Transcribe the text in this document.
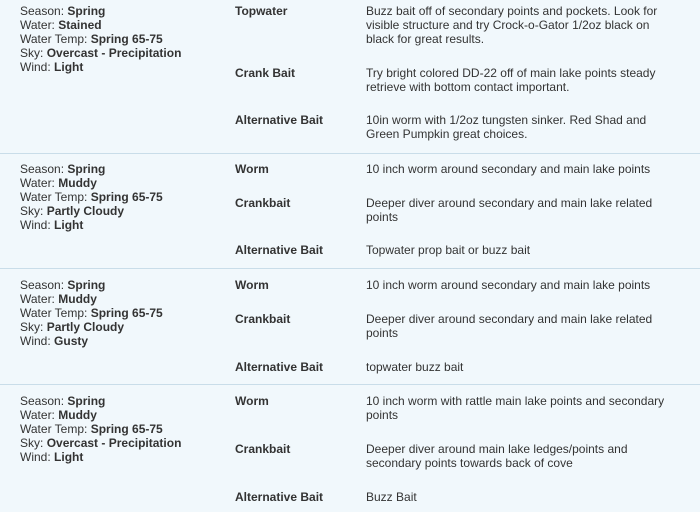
Season: Spring
Water: Stained
Water Temp: Spring 65-75
Sky: Overcast - Precipitation
Wind: Light
Topwater	Buzz bait off of secondary points and pockets. Look for visible structure and try Crock-o-Gator 1/2oz black on black for great results.
Crank Bait	Try bright colored DD-22 off of main lake points steady retrieve with bottom contact important.
Alternative Bait	10in worm with 1/2oz tungsten sinker. Red Shad and Green Pumpkin great choices.
Season: Spring
Water: Muddy
Water Temp: Spring 65-75
Sky: Partly Cloudy
Wind: Light
Worm	10 inch worm around secondary and main lake points
Crankbait	Deeper diver around secondary and main lake related points
Alternative Bait	Topwater prop bait or buzz bait
Season: Spring
Water: Muddy
Water Temp: Spring 65-75
Sky: Partly Cloudy
Wind: Gusty
Worm	10 inch worm around secondary and main lake points
Crankbait	Deeper diver around secondary and main lake related points
Alternative Bait	topwater buzz bait
Season: Spring
Water: Muddy
Water Temp: Spring 65-75
Sky: Overcast - Precipitation
Wind: Light
Worm	10 inch worm with rattle main lake points and secondary points
Crankbait	Deeper diver around main lake ledges/points and secondary points towards back of cove
Alternative Bait	Buzz Bait
